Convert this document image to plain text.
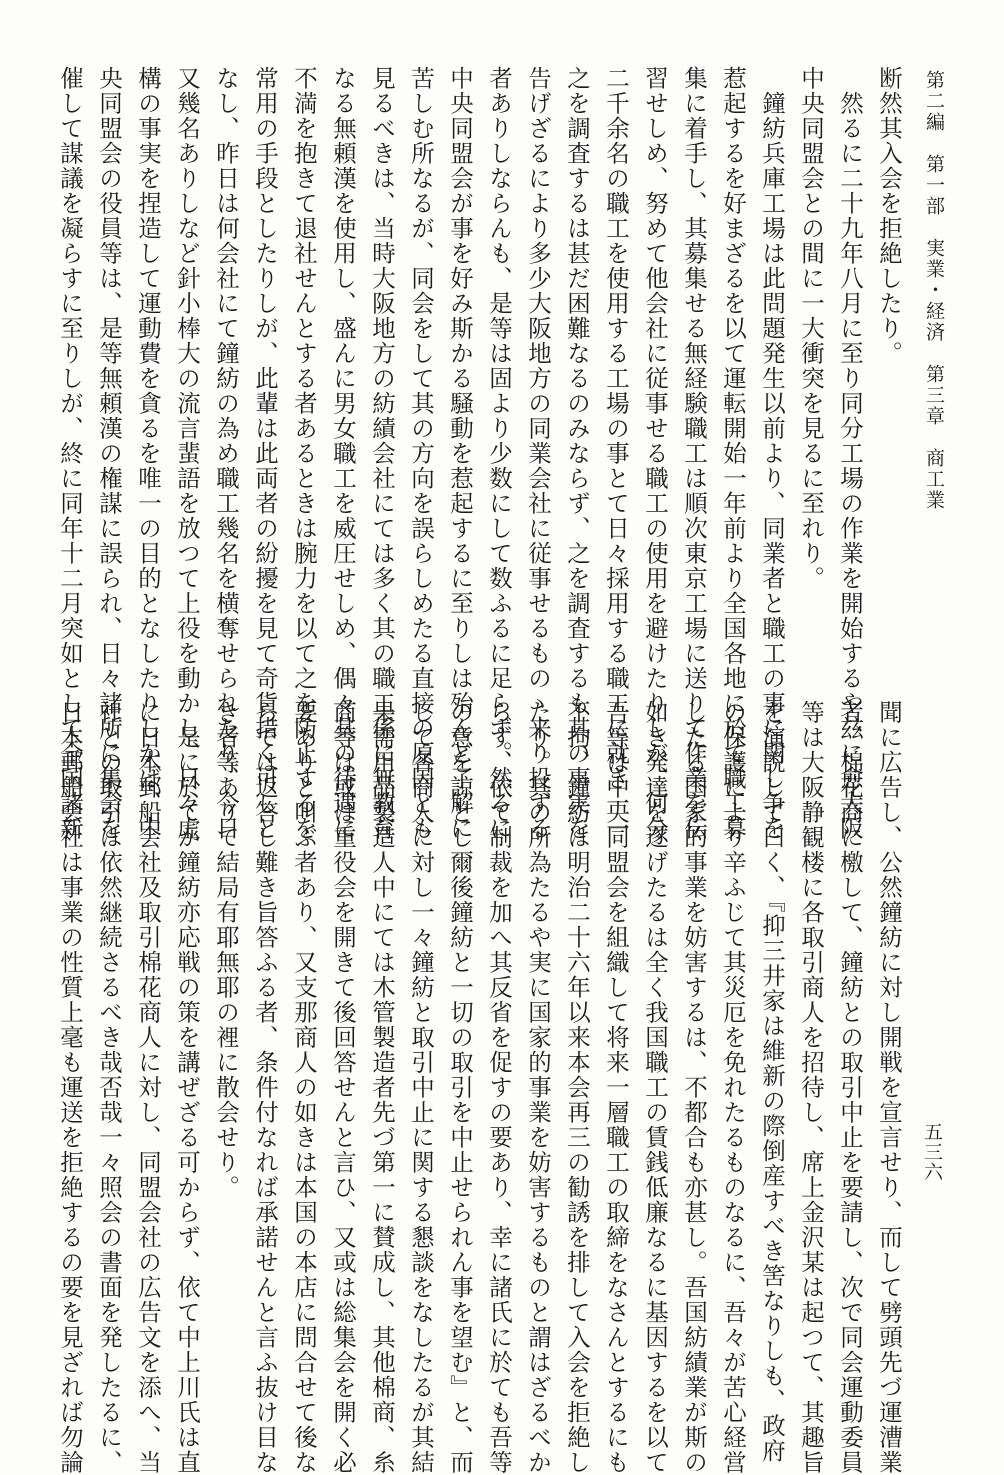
第二編　第一部　実業・経済　第三章　商工業
五三六
断然其入会を拒絶したり。
　然るに二十九年八月に至り同分工場の作業を開始するや玆に愈大阪
中央同盟会との間に一大衝突を見るに至れり。
　鐘紡兵庫工場は此問題発生以前より、同業者と職工の事に関し争を
惹起するを好まざるを以て運転開始一年前より全国各地に於て職工募
集に着手し、其募集せる無経験職工は順次東京工場に送りて作業を伝
習せしめ、努めて他会社に従事せる職工の使用を避けたりしが、何分
二千余名の職工を使用する工場の事とて日々採用する職工に就き一一
之を調査するは甚だ困難なるのみならず、之を調査するも其の事実を
告げざるにより多少大阪地方の同業会社に従事せるものゝ来り投ずる
者ありしならんも、是等は固より少数にして数ふるに足らず。然るに
中央同盟会が事を好み斯かる騒動を惹起するに至りしは殆んど了解に
苦しむ所なるが、同会をして其の方向を誤らしめたる直接の原因とも
見るべきは、当時大阪地方の紡績会社にては多く其の職工係に無教育
なる無頼漢を使用し、盛んに男女職工を威圧せしめ、偶々其の待遇に
不満を抱きて退社せんとする者あるときは腕力を以て之を防止するを
常用の手段としたりしが、此輩は此両者の紛擾を見て奇貨措く可しと
なし、昨日は何会社にて鐘紡の為め職工幾名を横奪せられたり、今日
又幾名ありしなど針小棒大の流言蜚語を放つて上役を動かし、日々虚
構の事実を捏造して運動費を貪るを唯一の目的となしたりしかば、中
央同盟会の役員等は、是等無頼漢の権謀に誤られ、日々諸所に集会を
催して謀議を凝らすに至りしが、終に同年十二月突如として全国諸新
聞に広告し、公然鐘紡に対し開戦を宣言せり、而して劈頭先づ運漕業
者、棉花商に檄して、鐘紡との取引中止を要請し、次で同会運動委員
等は大阪静観楼に各取引商人を招待し、席上金沢某は起つて、其趣旨
を演説して曰く、『抑三井家は維新の際倒産すべき筈なりしも、政府
の保護により辛ふじて其災厄を免れたるものなるに、吾々が苦心経営
したる国家的事業を妨害するは、不都合も亦甚し。吾国紡績業が斯の
如き発達を遂げたるは全く我国職工の賃銭低廉なるに基因するを以て
吾等は中央同盟会を組織して将来一層職工の取締をなさんとするにも
不拘、鐘紡は明治二十六年以来本会再三の勧誘を排して入会を拒絶し
たり。其の所為たるや実に国家的事業を妨害するものと謂はざるべか
らず、依て制裁を加へ其反省を促すの要あり、幸に諸氏に於ても吾等
の意を諒とし爾後鐘紡と一切の取引を中止せられん事を望む』と、而
して各商人に対し一々鐘紡と取引中止に関する懇談をなしたるが其結
果需用品製造人中にては木管製造者先づ第一に賛成し、其他棉商、糸
商等は或は重役会を開きて後回答せんと言ひ、又或は総集会を開く必
要ありと叫ぶ者あり、又支那商人の如きは本国の本店に問合せて後な
らでは返答し難き旨答ふる者、条件付なれば承諾せんと言ふ抜け目な
き者等ありて結局有耶無耶の裡に散会せり。
　是に於てか鐘紡亦応戦の策を講ぜざる可からず、依て中上川氏は直
に日本郵船会社及取引棉花商人に対し、同盟会社の広告文を添へ、当
社との取引は依然継続さるべき哉否哉一々照会の書面を発したるに、
日本郵船会社は事業の性質上毫も運送を拒絶するの要を見ざれば勿論
